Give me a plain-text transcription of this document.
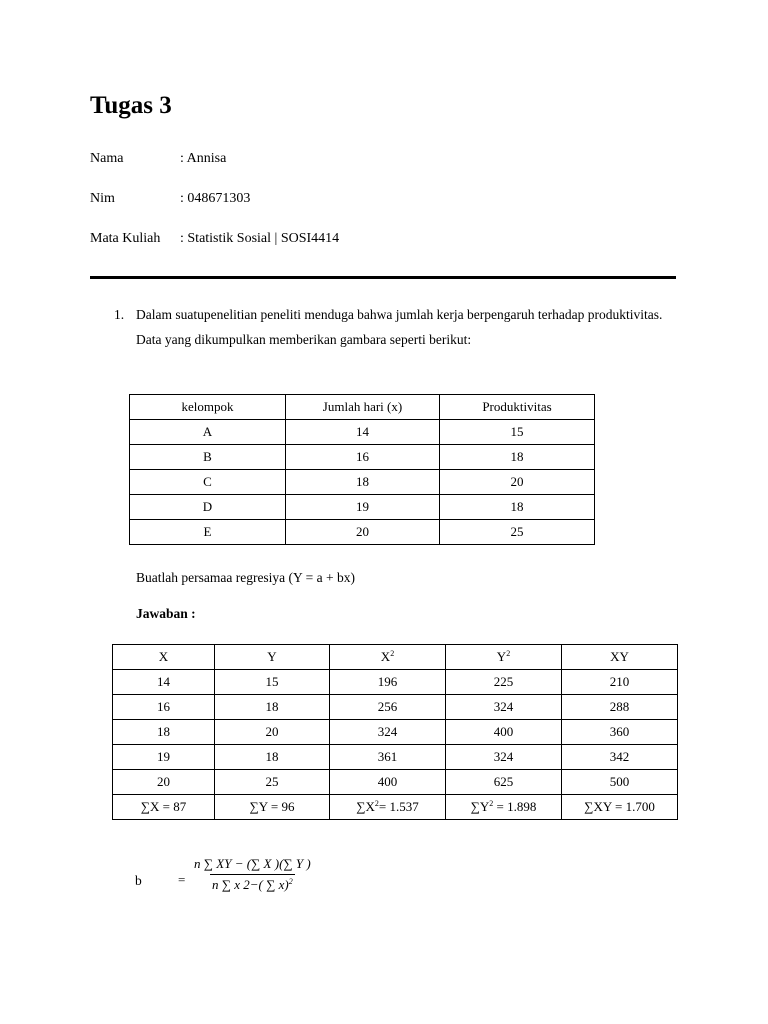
Tugas 3
Nama	: Annisa
Nim	: 048671303
Mata Kuliah : Statistik Sosial | SOSI4414
1. Dalam suatupenelitian peneliti menduga bahwa jumlah kerja berpengaruh terhadap produktivitas.
Data yang dikumpulkan memberikan gambara seperti berikut:
kelompok	Jumlah hari (x)	Produktivitas
A	14	15
B	16	18
C	18	20
D	19	18
E	20	25
Buatlah persamaa regresiya (Y = a + bx)
Jawaban :
X	Y	$X^2$	$Y^2$	XY
14	15	196	225	210
16	18	256	324	288
18	20	324	400	360
19	18	361	324	342
20	25	400	625	500
∑X = 87	∑Y = 96	$\sum X^2= 1.537$	$\sum Y^2 = 1.898$	∑XY = 1.700
b	= $\frac{n \sum XY - (\sum X )(\sum Y )}{n \sum x 2-( \sum x)^2}$
